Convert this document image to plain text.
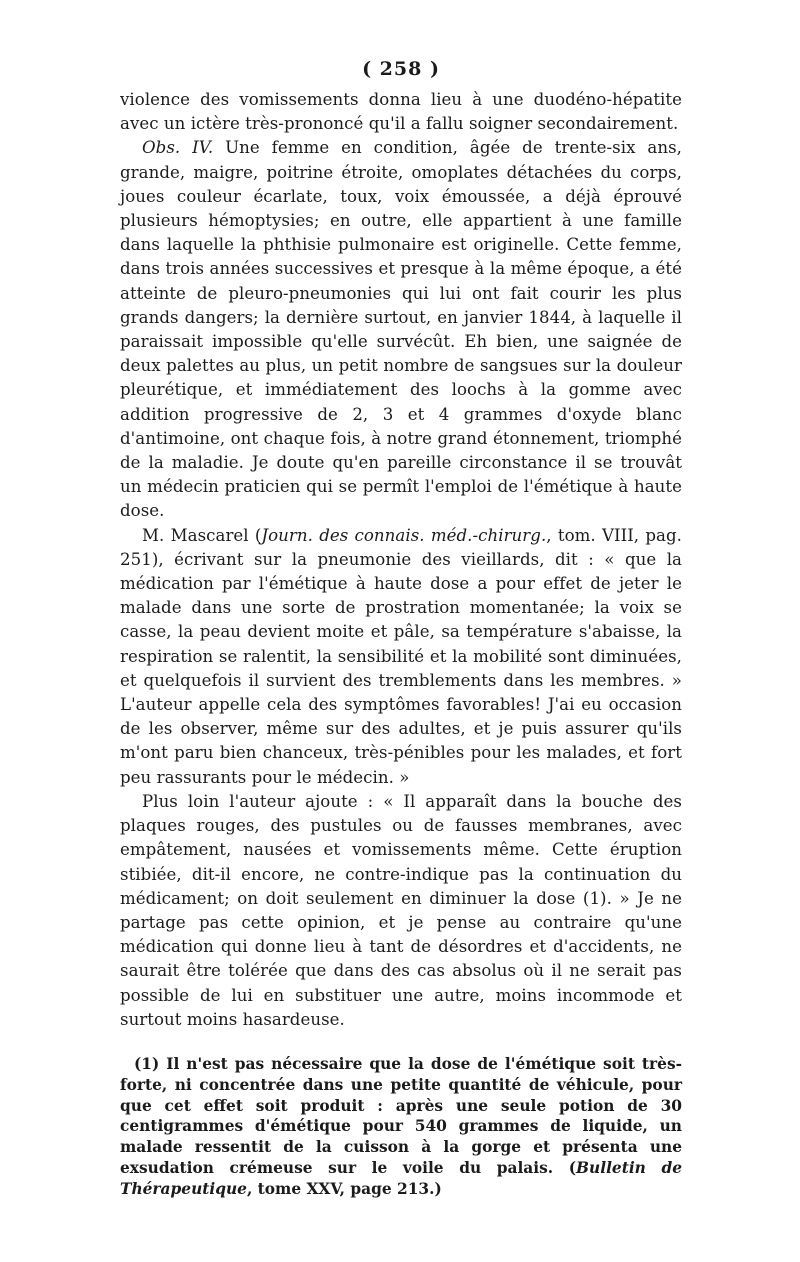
( 258 )

violence des vomissements donna lieu à une duodéno-hépatite avec un ictère très-prononcé qu'il a fallu soigner secondairement.

Obs. IV. Une femme en condition, âgée de trente-six ans, grande, maigre, poitrine étroite, omoplates détachées du corps, joues couleur écarlate, toux, voix émoussée, a déjà éprouvé plusieurs hémoptysies; en outre, elle appartient à une famille dans laquelle la phthisie pulmonaire est originelle. Cette femme, dans trois années successives et presque à la même époque, a été atteinte de pleuro-pneumonies qui lui ont fait courir les plus grands dangers; la dernière surtout, en janvier 1844, à laquelle il paraissait impossible qu'elle survécût. Eh bien, une saignée de deux palettes au plus, un petit nombre de sangsues sur la douleur pleurétique, et immédiatement des loochs à la gomme avec addition progressive de 2, 3 et 4 grammes d'oxyde blanc d'antimoine, ont chaque fois, à notre grand étonnement, triomphé de la maladie. Je doute qu'en pareille circonstance il se trouvât un médecin praticien qui se permît l'emploi de l'émétique à haute dose.

M. Mascarel (Journ. des connais. méd.-chirurg., tom. VIII, pag. 251), écrivant sur la pneumonie des vieillards, dit : « que la médication par l'émétique à haute dose a pour effet de jeter le malade dans une sorte de prostration momentanée; la voix se casse, la peau devient moite et pâle, sa température s'abaisse, la respiration se ralentit, la sensibilité et la mobilité sont diminuées, et quelquefois il survient des tremblements dans les membres. » L'auteur appelle cela des symptômes favorables! J'ai eu occasion de les observer, même sur des adultes, et je puis assurer qu'ils m'ont paru bien chanceux, très-pénibles pour les malades, et fort peu rassurants pour le médecin. »

Plus loin l'auteur ajoute : « Il apparaît dans la bouche des plaques rouges, des pustules ou de fausses membranes, avec empâtement, nausées et vomissements même. Cette éruption stibiée, dit-il encore, ne contre-indique pas la continuation du médicament; on doit seulement en diminuer la dose (1). » Je ne partage pas cette opinion, et je pense au contraire qu'une médication qui donne lieu à tant de désordres et d'accidents, ne saurait être tolérée que dans des cas absolus où il ne serait pas possible de lui en substituer une autre, moins incommode et surtout moins hasardeuse.

(1) Il n'est pas nécessaire que la dose de l'émétique soit très-forte, ni concentrée dans une petite quantité de véhicule, pour que cet effet soit produit : après une seule potion de 30 centigrammes d'émétique pour 540 grammes de liquide, un malade ressentit de la cuisson à la gorge et présenta une exsudation crémeuse sur le voile du palais. (Bulletin de Thérapeutique, tome XXV, page 213.)
